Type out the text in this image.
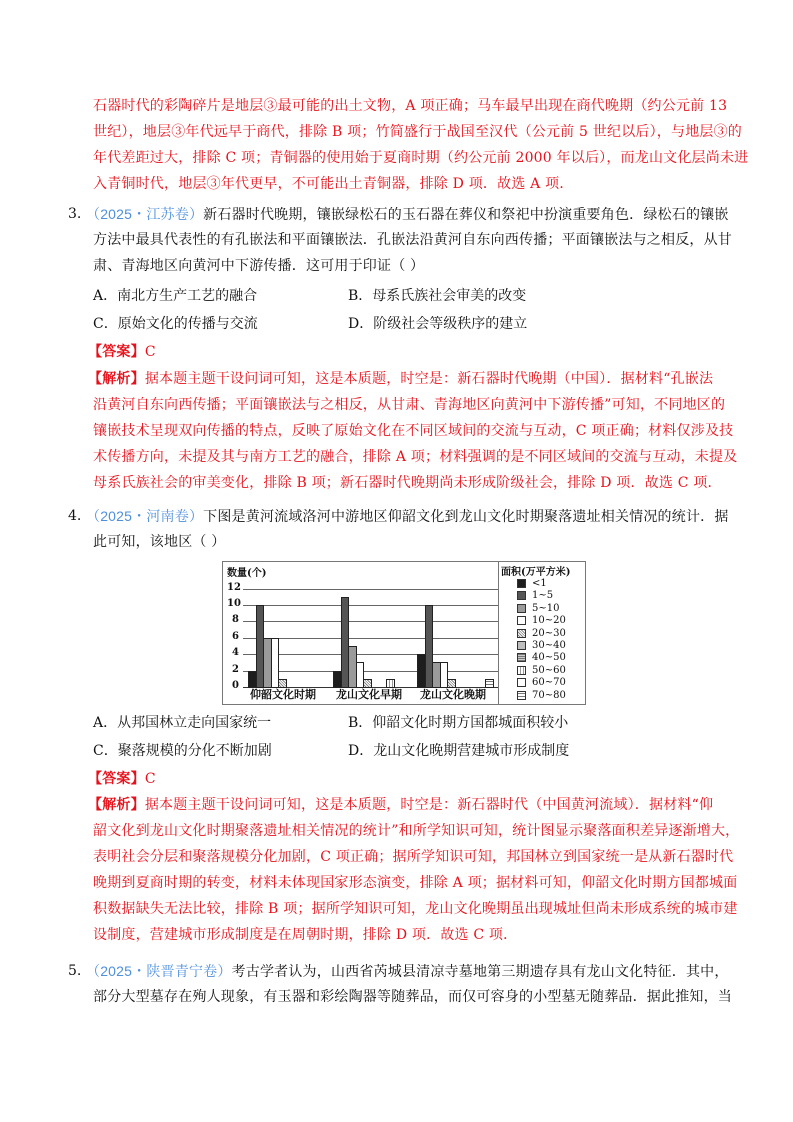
石器时代的彩陶碎片是地层③最可能的出土文物，A 项正确；马车最早出现在商代晚期（约公元前 13
世纪），地层③年代远早于商代，排除 B 项；竹简盛行于战国至汉代（公元前 5 世纪以后），与地层③的
年代差距过大，排除 C 项；青铜器的使用始于夏商时期（约公元前 2000 年以后），而龙山文化层尚未进
入青铜时代，地层③年代更早，不可能出土青铜器，排除 D 项．故选 A 项．
3. （2025・江苏卷）新石器时代晚期，镶嵌绿松石的玉石器在葬仪和祭祀中扮演重要角色．绿松石的镶嵌
方法中最具代表性的有孔嵌法和平面镶嵌法．孔嵌法沿黄河自东向西传播；平面镶嵌法与之相反，从甘
肃、青海地区向黄河中下游传播．这可用于印证（ ）
A．南北方生产工艺的融合	B．母系氏族社会审美的改变
C．原始文化的传播与交流	D．阶级社会等级秩序的建立
【答案】C
【解析】据本题主题干设问词可知，这是本质题，时空是：新石器时代晚期（中国）．据材料“孔嵌法
沿黄河自东向西传播；平面镶嵌法与之相反，从甘肃、青海地区向黄河中下游传播”可知，不同地区的
镶嵌技术呈现双向传播的特点，反映了原始文化在不同区域间的交流与互动，C 项正确；材料仅涉及技
术传播方向，未提及其与南方工艺的融合，排除 A 项；材料强调的是不同区域间的交流与互动，未提及
母系氏族社会的审美变化，排除 B 项；新石器时代晚期尚未形成阶级社会，排除 D 项．故选 C 项．
4. （2025・河南卷）下图是黄河流域洛河中游地区仰韶文化到龙山文化时期聚落遗址相关情况的统计．据
此可知，该地区（ ）
数量(个)
0
2
4
6
8
10
12
仰韶文化时期	龙山文化早期	龙山文化晚期
面积(万平方米)
<1
1~5
5~10
10~20
20~30
30~40
40~50
50~60
60~70
70~80
A．从邦国林立走向国家统一	B．仰韶文化时期方国都城面积较小
C．聚落规模的分化不断加剧	D．龙山文化晚期营建城市形成制度
【答案】C
【解析】据本题主题干设问词可知，这是本质题，时空是：新石器时代（中国黄河流域）．据材料“仰
韶文化到龙山文化时期聚落遗址相关情况的统计”和所学知识可知，统计图显示聚落面积差异逐渐增大，
表明社会分层和聚落规模分化加剧，C 项正确；据所学知识可知，邦国林立到国家统一是从新石器时代
晚期到夏商时期的转变，材料未体现国家形态演变，排除 A 项；据材料可知，仰韶文化时期方国都城面
积数据缺失无法比较，排除 B 项；据所学知识可知，龙山文化晚期虽出现城址但尚未形成系统的城市建
设制度，营建城市形成制度是在周朝时期，排除 D 项．故选 C 项．
5. （2025・陕晋青宁卷）考古学者认为，山西省芮城县清凉寺墓地第三期遗存具有龙山文化特征．其中，
部分大型墓存在殉人现象，有玉器和彩绘陶器等随葬品，而仅可容身的小型墓无随葬品．据此推知，当
